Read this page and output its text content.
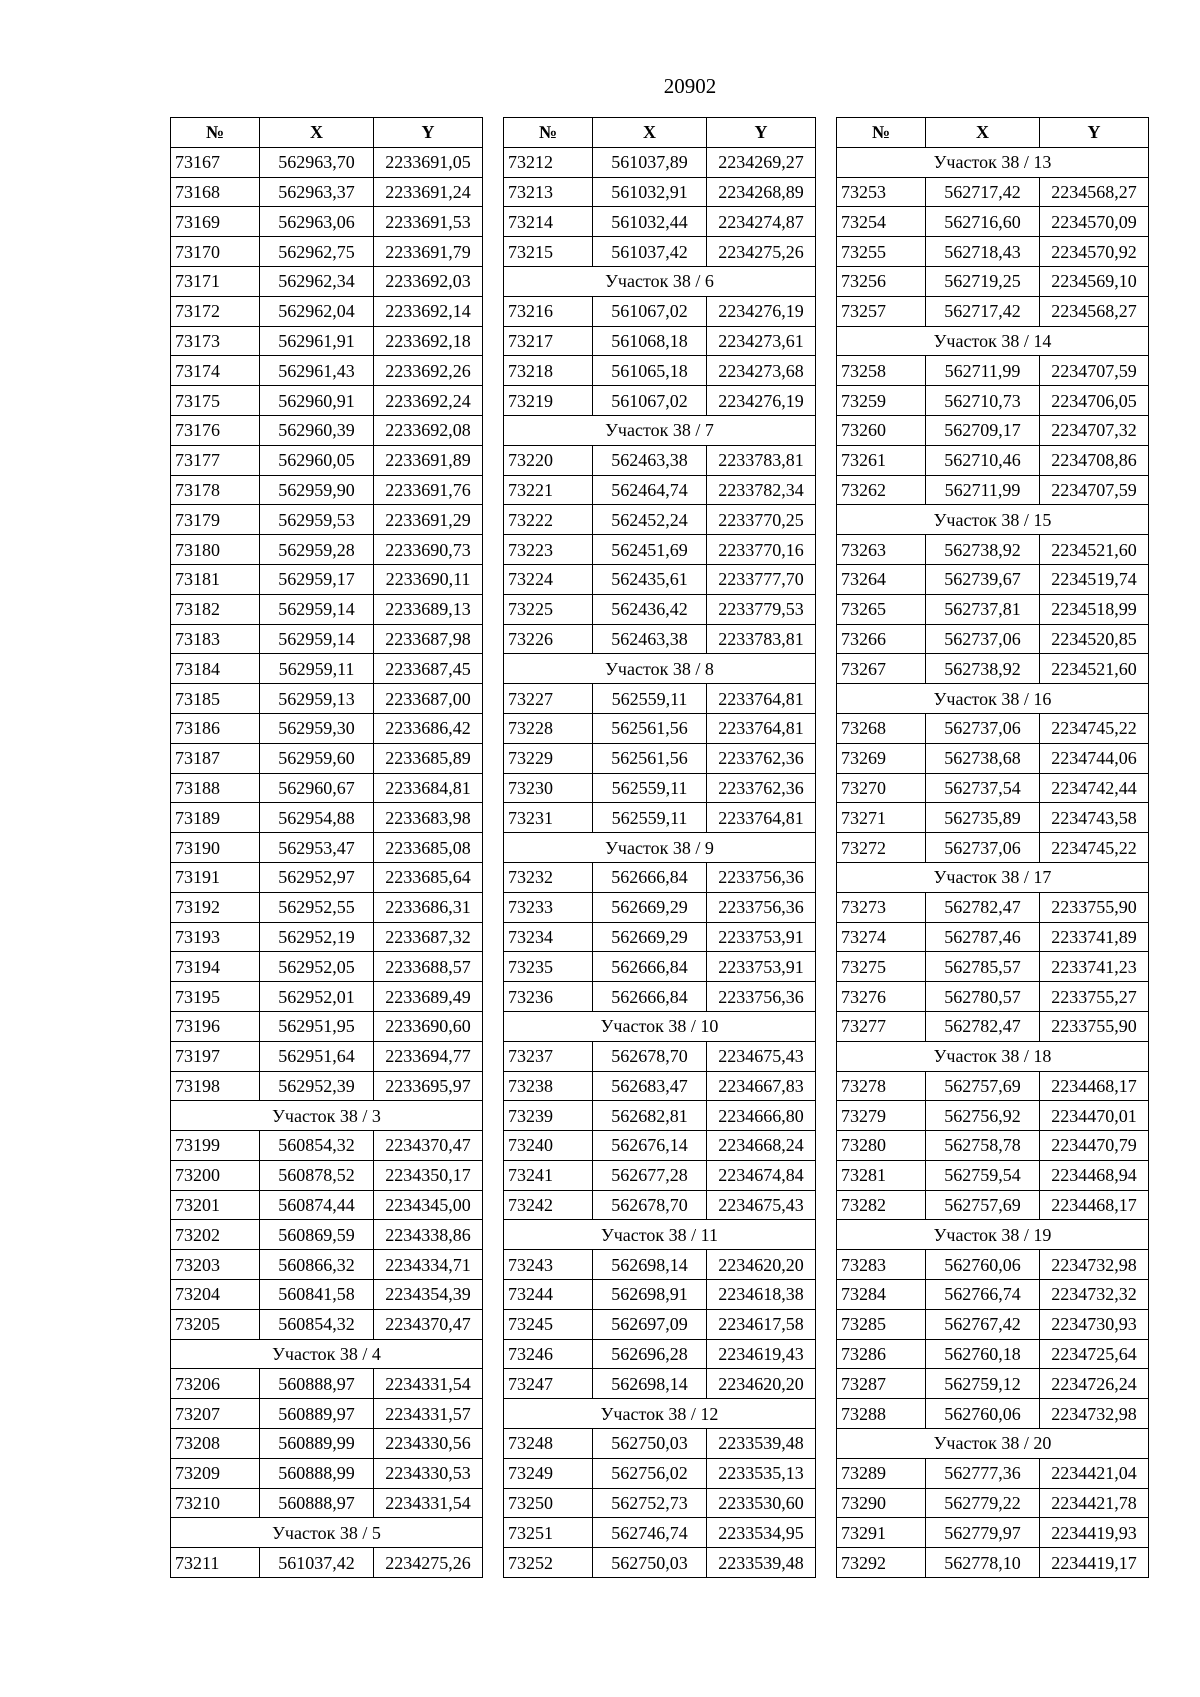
20902
№	X	Y
73167	562963,70	2233691,05
73168	562963,37	2233691,24
73169	562963,06	2233691,53
73170	562962,75	2233691,79
73171	562962,34	2233692,03
73172	562962,04	2233692,14
73173	562961,91	2233692,18
73174	562961,43	2233692,26
73175	562960,91	2233692,24
73176	562960,39	2233692,08
73177	562960,05	2233691,89
73178	562959,90	2233691,76
73179	562959,53	2233691,29
73180	562959,28	2233690,73
73181	562959,17	2233690,11
73182	562959,14	2233689,13
73183	562959,14	2233687,98
73184	562959,11	2233687,45
73185	562959,13	2233687,00
73186	562959,30	2233686,42
73187	562959,60	2233685,89
73188	562960,67	2233684,81
73189	562954,88	2233683,98
73190	562953,47	2233685,08
73191	562952,97	2233685,64
73192	562952,55	2233686,31
73193	562952,19	2233687,32
73194	562952,05	2233688,57
73195	562952,01	2233689,49
73196	562951,95	2233690,60
73197	562951,64	2233694,77
73198	562952,39	2233695,97
Участок 38 / 3		
73199	560854,32	2234370,47
73200	560878,52	2234350,17
73201	560874,44	2234345,00
73202	560869,59	2234338,86
73203	560866,32	2234334,71
73204	560841,58	2234354,39
73205	560854,32	2234370,47
Участок 38 / 4		
73206	560888,97	2234331,54
73207	560889,97	2234331,57
73208	560889,99	2234330,56
73209	560888,99	2234330,53
73210	560888,97	2234331,54
Участок 38 / 5		
73211	561037,42	2234275,26
№	X	Y
73212	561037,89	2234269,27
73213	561032,91	2234268,89
73214	561032,44	2234274,87
73215	561037,42	2234275,26
Участок 38 / 6		
73216	561067,02	2234276,19
73217	561068,18	2234273,61
73218	561065,18	2234273,68
73219	561067,02	2234276,19
Участок 38 / 7		
73220	562463,38	2233783,81
73221	562464,74	2233782,34
73222	562452,24	2233770,25
73223	562451,69	2233770,16
73224	562435,61	2233777,70
73225	562436,42	2233779,53
73226	562463,38	2233783,81
Участок 38 / 8		
73227	562559,11	2233764,81
73228	562561,56	2233764,81
73229	562561,56	2233762,36
73230	562559,11	2233762,36
73231	562559,11	2233764,81
Участок 38 / 9		
73232	562666,84	2233756,36
73233	562669,29	2233756,36
73234	562669,29	2233753,91
73235	562666,84	2233753,91
73236	562666,84	2233756,36
Участок 38 / 10		
73237	562678,70	2234675,43
73238	562683,47	2234667,83
73239	562682,81	2234666,80
73240	562676,14	2234668,24
73241	562677,28	2234674,84
73242	562678,70	2234675,43
Участок 38 / 11		
73243	562698,14	2234620,20
73244	562698,91	2234618,38
73245	562697,09	2234617,58
73246	562696,28	2234619,43
73247	562698,14	2234620,20
Участок 38 / 12		
73248	562750,03	2233539,48
73249	562756,02	2233535,13
73250	562752,73	2233530,60
73251	562746,74	2233534,95
73252	562750,03	2233539,48
№	X	Y
Участок 38 / 13		
73253	562717,42	2234568,27
73254	562716,60	2234570,09
73255	562718,43	2234570,92
73256	562719,25	2234569,10
73257	562717,42	2234568,27
Участок 38 / 14		
73258	562711,99	2234707,59
73259	562710,73	2234706,05
73260	562709,17	2234707,32
73261	562710,46	2234708,86
73262	562711,99	2234707,59
Участок 38 / 15		
73263	562738,92	2234521,60
73264	562739,67	2234519,74
73265	562737,81	2234518,99
73266	562737,06	2234520,85
73267	562738,92	2234521,60
Участок 38 / 16		
73268	562737,06	2234745,22
73269	562738,68	2234744,06
73270	562737,54	2234742,44
73271	562735,89	2234743,58
73272	562737,06	2234745,22
Участок 38 / 17		
73273	562782,47	2233755,90
73274	562787,46	2233741,89
73275	562785,57	2233741,23
73276	562780,57	2233755,27
73277	562782,47	2233755,90
Участок 38 / 18		
73278	562757,69	2234468,17
73279	562756,92	2234470,01
73280	562758,78	2234470,79
73281	562759,54	2234468,94
73282	562757,69	2234468,17
Участок 38 / 19		
73283	562760,06	2234732,98
73284	562766,74	2234732,32
73285	562767,42	2234730,93
73286	562760,18	2234725,64
73287	562759,12	2234726,24
73288	562760,06	2234732,98
Участок 38 / 20		
73289	562777,36	2234421,04
73290	562779,22	2234421,78
73291	562779,97	2234419,93
73292	562778,10	2234419,17
